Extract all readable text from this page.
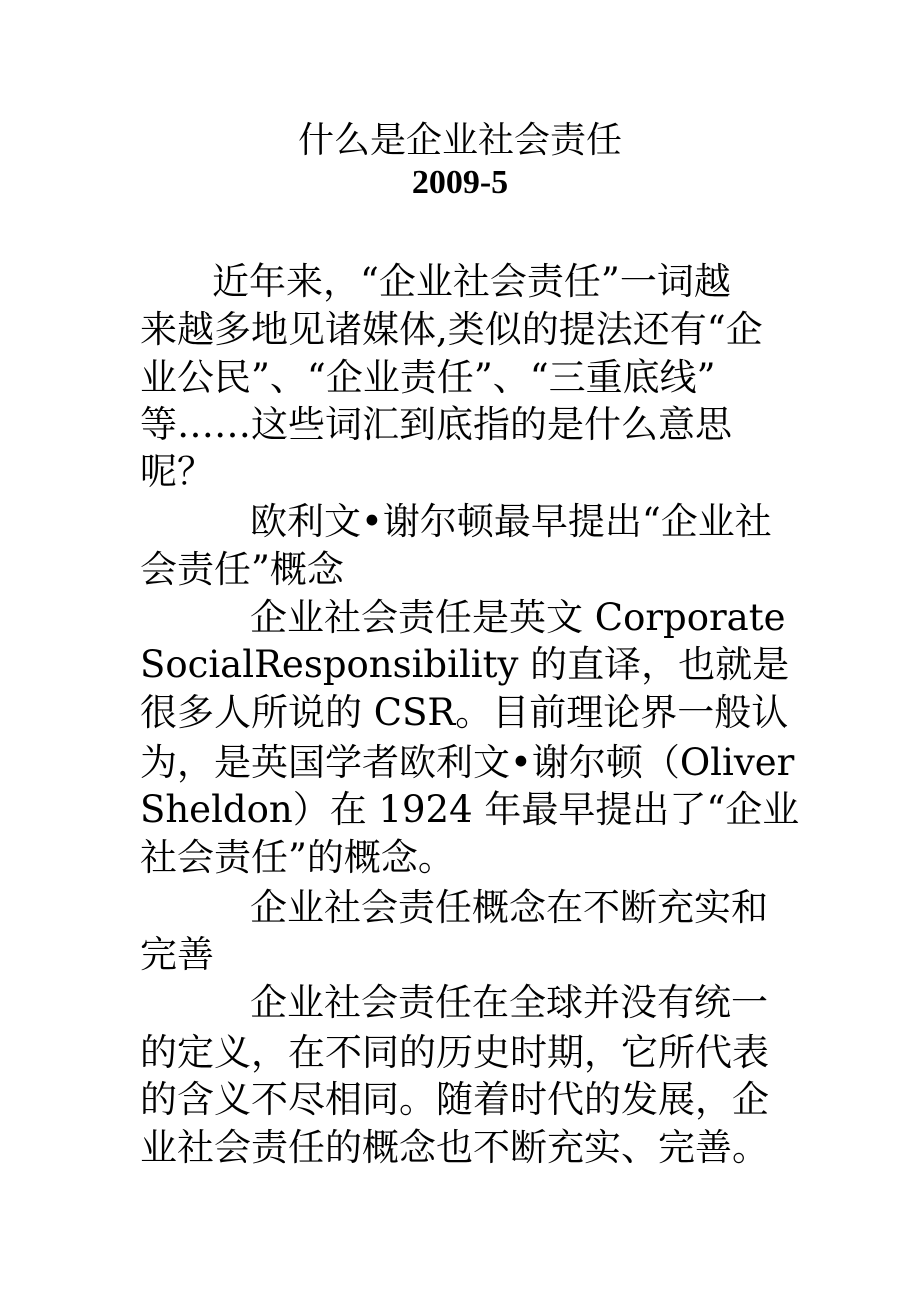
什么是企业社会责任
2009-5
近年来，“企业社会责任”一词越
来越多地见诸媒体,类似的提法还有“企
业公民”、“企业责任”、“三重底线”
等……这些词汇到底指的是什么意思
呢？
欧利文•谢尔顿最早提出“企业社
会责任”概念
企业社会责任是英文 Corporate
SocialResponsibility 的直译，也就是
很多人所说的 CSR。目前理论界一般认
为，是英国学者欧利文•谢尔顿（Oliver
Sheldon）在 1924 年最早提出了“企业
社会责任”的概念。
企业社会责任概念在不断充实和
完善
企业社会责任在全球并没有统一
的定义，在不同的历史时期，它所代表
的含义不尽相同。随着时代的发展，企
业社会责任的概念也不断充实、完善。
